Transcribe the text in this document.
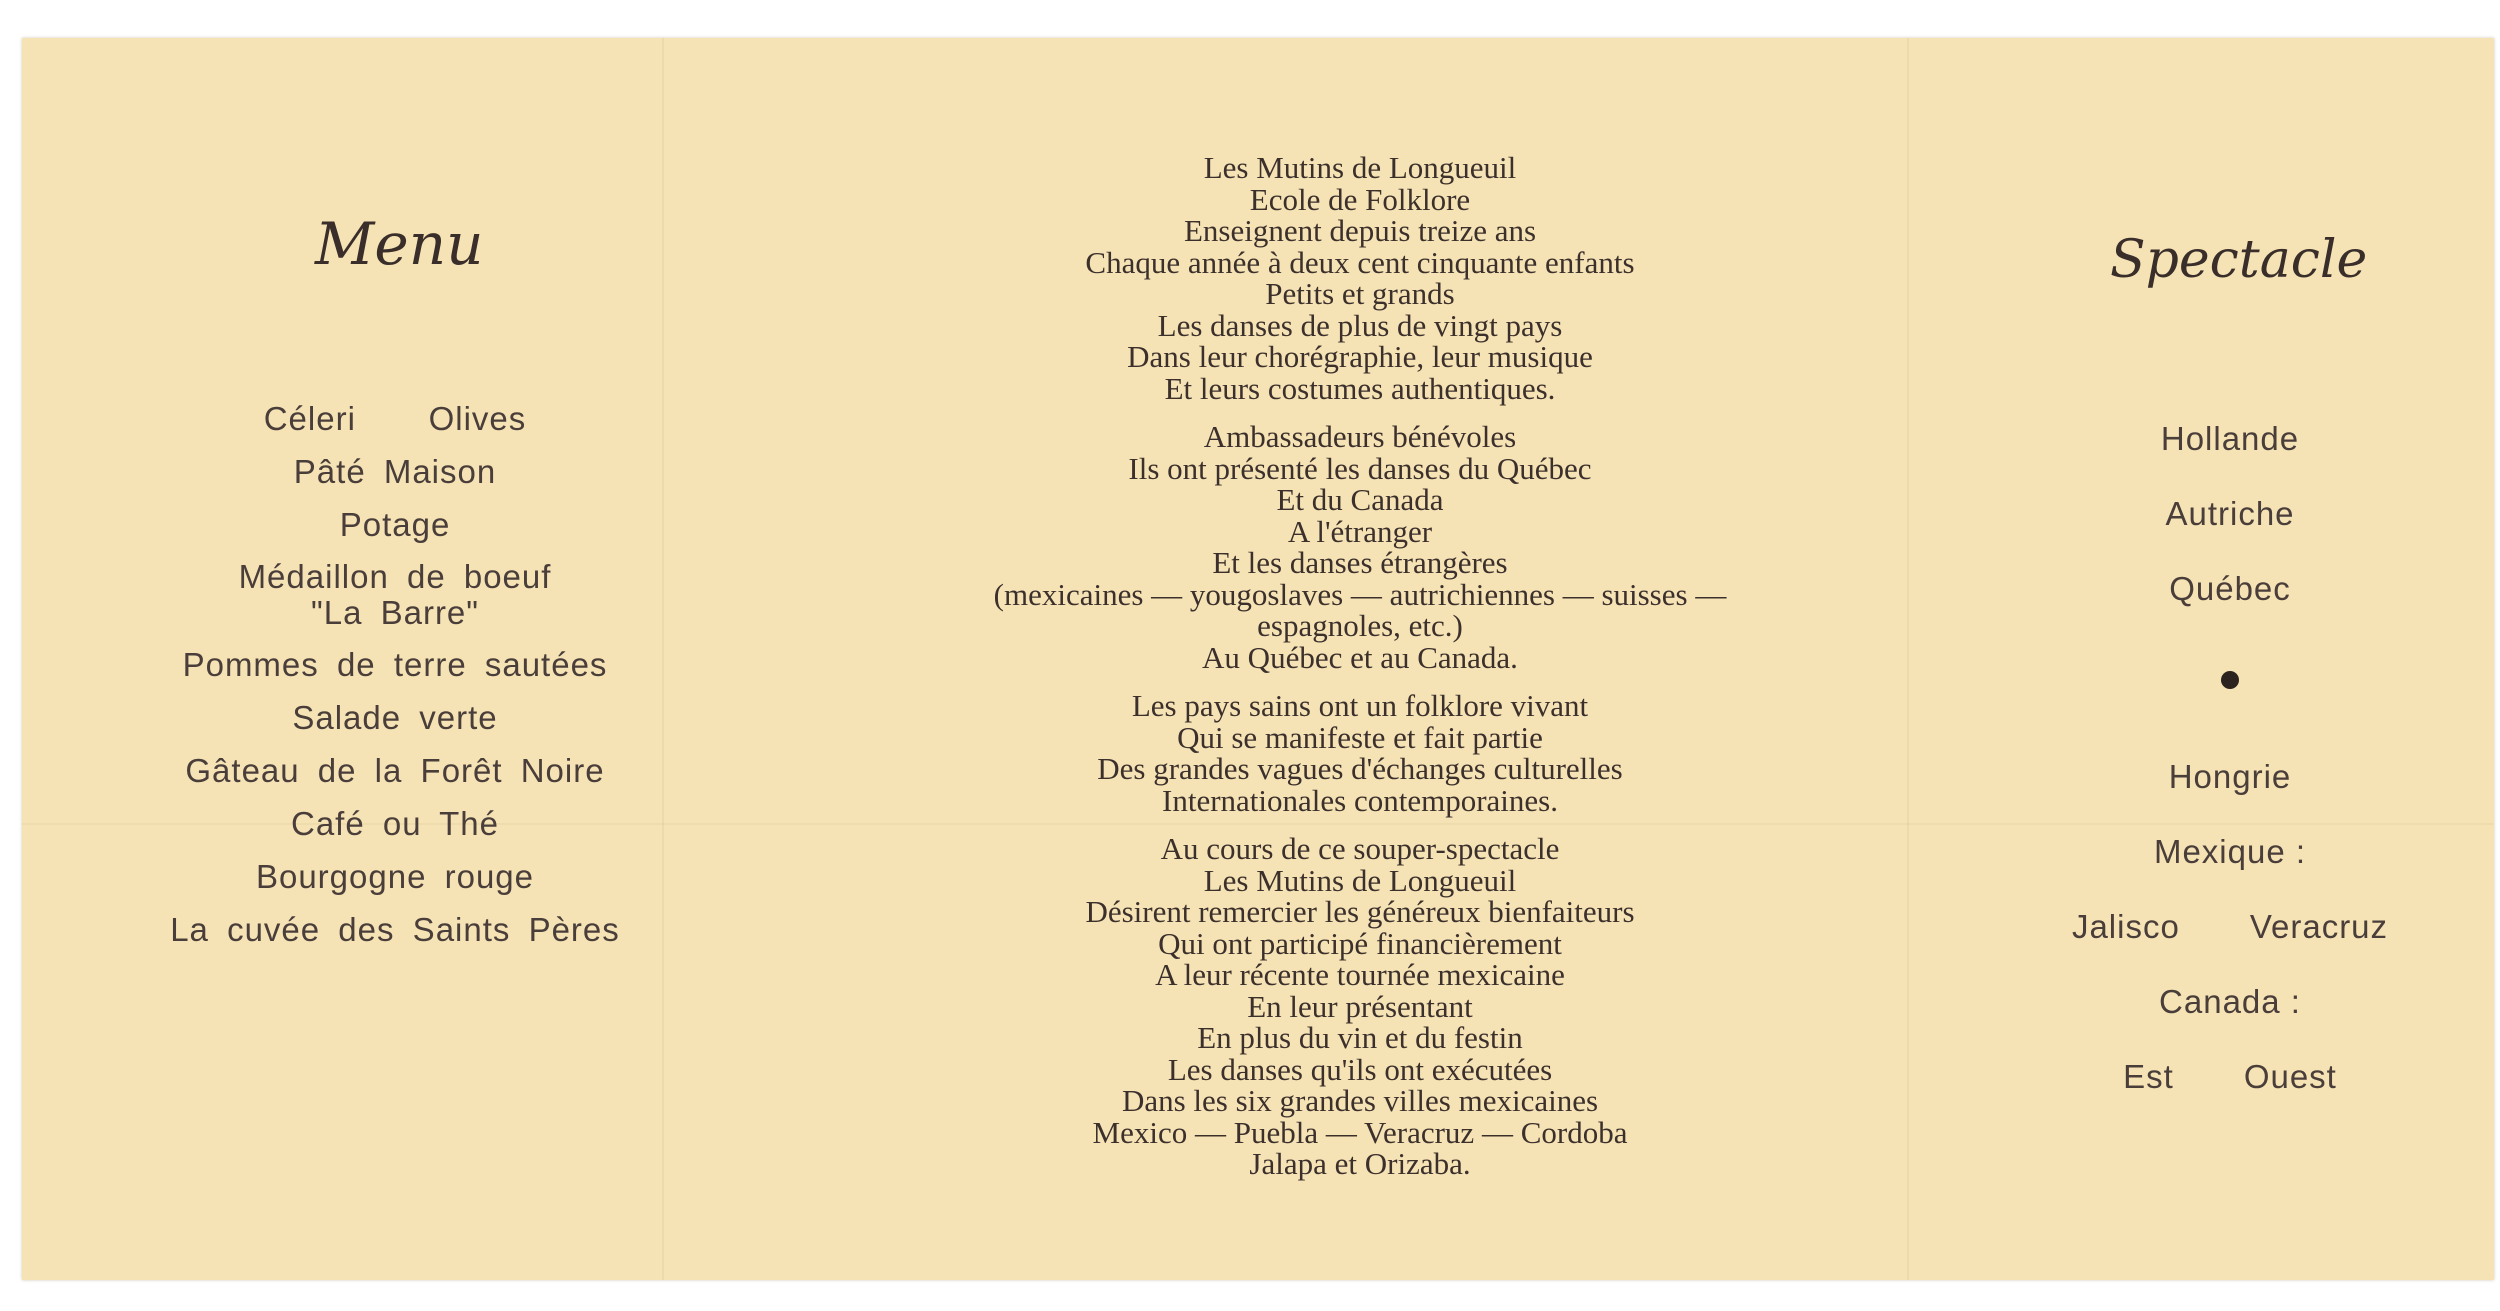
Menu	Spectacle
Céleri    Olives
Pâté Maison
Potage
Médaillon de boeuf
"La Barre"
Pommes de terre sautées
Salade verte
Gâteau de la Forêt Noire
Café ou Thé
Bourgogne rouge
La cuvée des Saints Pères
Les Mutins de Longueuil
Ecole de Folklore
Enseignent depuis treize ans
Chaque année à deux cent cinquante enfants
Petits et grands
Les danses de plus de vingt pays
Dans leur chorégraphie, leur musique
Et leurs costumes authentiques.
Ambassadeurs bénévoles
Ils ont présenté les danses du Québec
Et du Canada
A l'étranger
Et les danses étrangères
(mexicaines — yougoslaves — autrichiennes — suisses —
espagnoles, etc.)
Au Québec et au Canada.
Les pays sains ont un folklore vivant
Qui se manifeste et fait partie
Des grandes vagues d'échanges culturelles
Internationales contemporaines.
Au cours de ce souper-spectacle
Les Mutins de Longueuil
Désirent remercier les généreux bienfaiteurs
Qui ont participé financièrement
A leur récente tournée mexicaine
En leur présentant
En plus du vin et du festin
Les danses qu'ils ont exécutées
Dans les six grandes villes mexicaines
Mexico — Puebla — Veracruz — Cordoba
Jalapa et Orizaba.
Hollande
Autriche
Québec
Hongrie
Mexique :
Jalisco Veracruz
Canada :
Est Ouest
